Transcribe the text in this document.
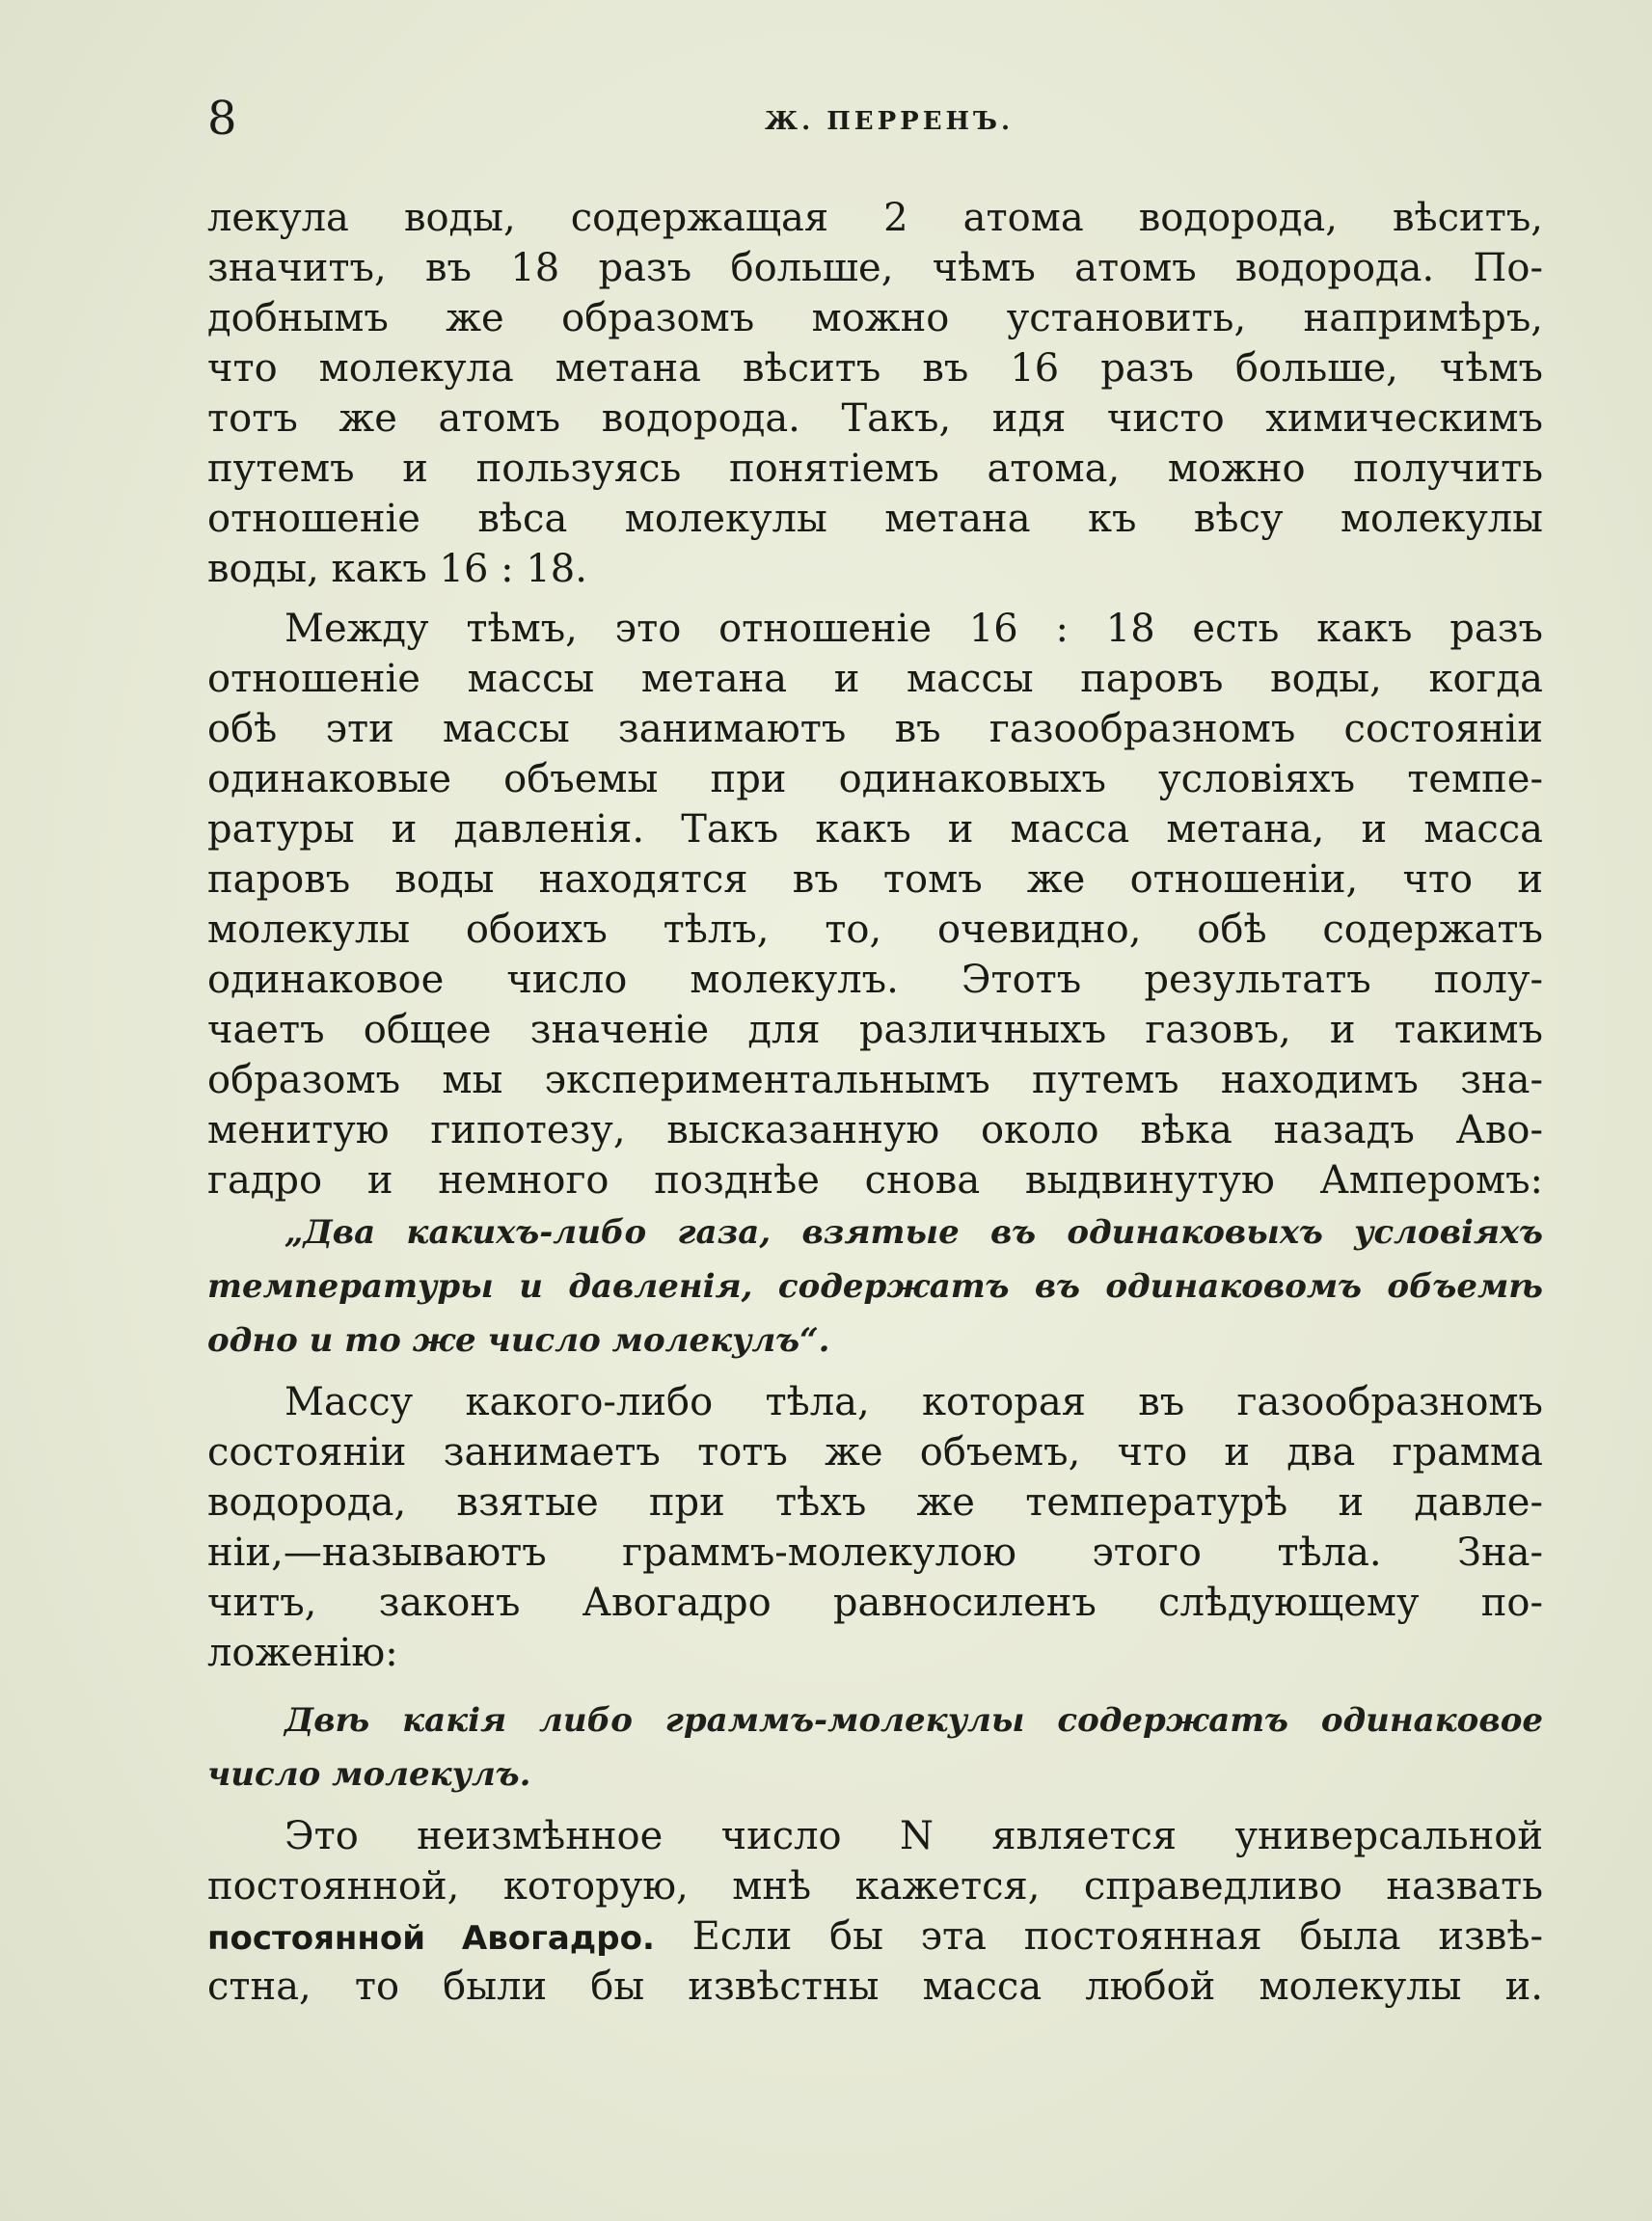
8	Ж. ПЕРРЕНЪ.
лекула воды, содержащая 2 атома водорода, вѣситъ,
значитъ, въ 18 разъ больше, чѣмъ атомъ водорода. По-
добнымъ же образомъ можно установить, напримѣръ,
что молекула метана вѣситъ въ 16 разъ больше, чѣмъ
тотъ же атомъ водорода. Такъ, идя чисто химическимъ
путемъ и пользуясь понятіемъ атома, можно получить
отношеніе вѣса молекулы метана къ вѣсу молекулы
воды, какъ 16 : 18.
Между тѣмъ, это отношеніе 16 : 18 есть какъ разъ
отношеніе массы метана и массы паровъ воды, когда
обѣ эти массы занимаютъ въ газообразномъ состояніи
одинаковые объемы при одинаковыхъ условіяхъ темпе-
ратуры и давленія. Такъ какъ и масса метана, и масса
паровъ воды находятся въ томъ же отношеніи, что и
молекулы обоихъ тѣлъ, то, очевидно, обѣ содержатъ
одинаковое число молекулъ. Этотъ результатъ полу-
чаетъ общее значеніе для различныхъ газовъ, и такимъ
образомъ мы экспериментальнымъ путемъ находимъ зна-
менитую гипотезу, высказанную около вѣка назадъ Аво-
гадро и немного позднѣе снова выдвинутую Амперомъ:
„Два какихъ-либо газа, взятые въ одинаковыхъ условіяхъ
температуры и давленія, содержатъ въ одинаковомъ объемѣ
одно и то же число молекулъ“.
Массу какого-либо тѣла, которая въ газообразномъ
состояніи занимаетъ тотъ же объемъ, что и два грамма
водорода, взятые при тѣхъ же температурѣ и давле-
ніи,—называютъ граммъ-молекулою этого тѣла. Зна-
читъ, законъ Авогадро равносиленъ слѣдующему по-
ложенію:
Двѣ какія либо граммъ-молекулы содержатъ одинаковое
число молекулъ.
Это неизмѣнное число N является универсальной
постоянной, которую, мнѣ кажется, справедливо назвать
постоянной Авогадро. Если бы эта постоянная была извѣ-
стна, то были бы извѣстны масса любой молекулы и.
